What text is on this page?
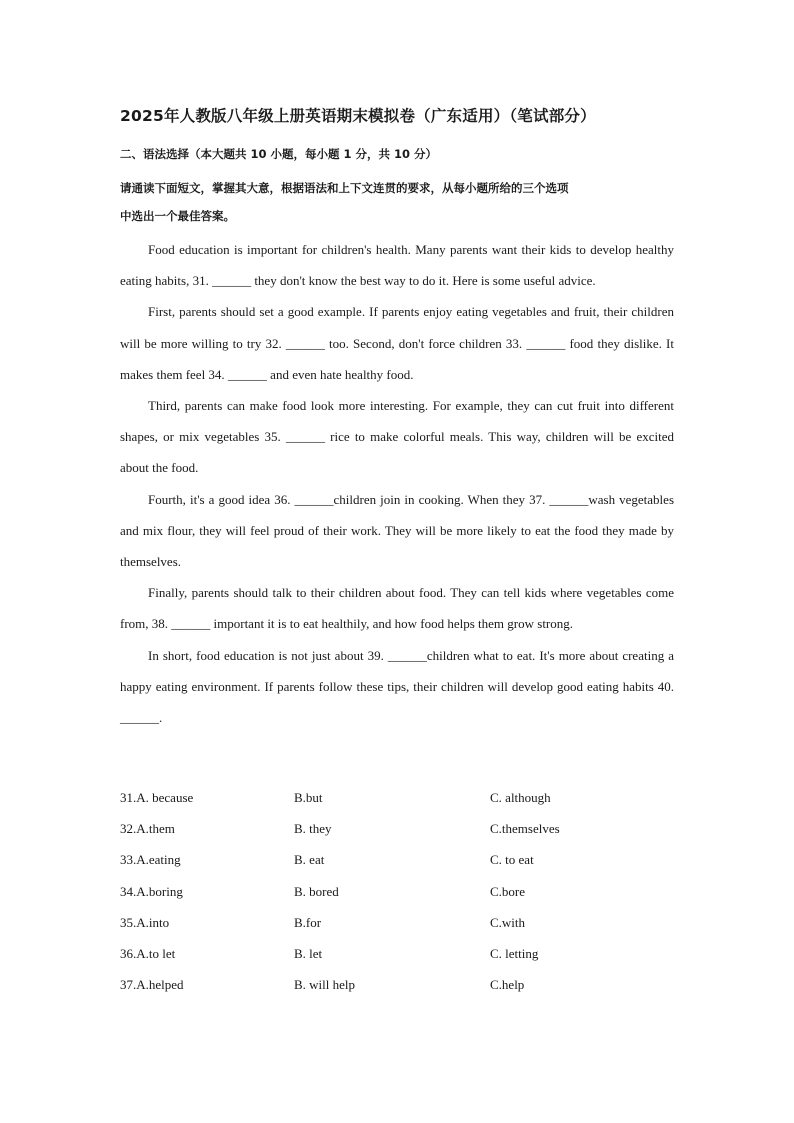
2025年人教版八年级上册英语期末模拟卷（广东适用）（笔试部分）
二、语法选择（本大题共 10 小题，每小题 1 分，共 10 分）
请通读下面短文，掌握其大意，根据语法和上下文连贯的要求，从每小题所给的三个选项
中选出一个最佳答案。

Food education is important for children's health. Many parents want their kids to develop healthy eating habits, 31. ______ they don't know the best way to do it. Here is some useful advice.

First, parents should set a good example. If parents enjoy eating vegetables and fruit, their children will be more willing to try 32. ______ too. Second, don't force children 33. ______ food they dislike. It makes them feel 34. ______ and even hate healthy food.

Third, parents can make food look more interesting. For example, they can cut fruit into different shapes, or mix vegetables 35. ______ rice to make colorful meals. This way, children will be excited about the food.

Fourth, it's a good idea 36. ______children join in cooking. When they 37. ______wash vegetables and mix flour, they will feel proud of their work. They will be more likely to eat the food they made by themselves.

Finally, parents should talk to their children about food. They can tell kids where vegetables come from, 38. ______ important it is to eat healthily, and how food helps them grow strong.

In short, food education is not just about 39. ______children what to eat. It's more about creating a happy eating environment. If parents follow these tips, their children will develop good eating habits 40. ______.

31.A. because	B.but	C. although
32.A.them	B. they	C.themselves
33.A.eating	B. eat	C. to eat
34.A.boring	B. bored	C.bore
35.A.into	B.for	C.with
36.A.to let	B. let	C. letting
37.A.helped	B. will help	C.help
